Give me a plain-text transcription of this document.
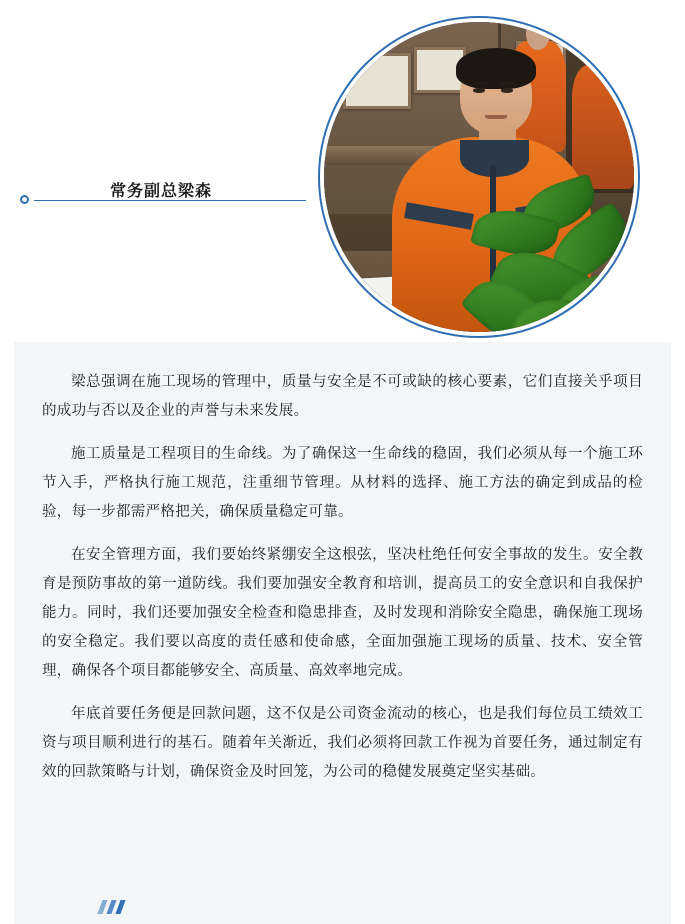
常务副总梁森

梁总强调在施工现场的管理中，质量与安全是不可或缺的核心要素，它们直接关乎项目的成功与否以及企业的声誉与未来发展。

施工质量是工程项目的生命线。为了确保这一生命线的稳固，我们必须从每一个施工环节入手，严格执行施工规范，注重细节管理。从材料的选择、施工方法的确定到成品的检验，每一步都需严格把关，确保质量稳定可靠。

在安全管理方面，我们要始终紧绷安全这根弦，坚决杜绝任何安全事故的发生。安全教育是预防事故的第一道防线。我们要加强安全教育和培训，提高员工的安全意识和自我保护能力。同时，我们还要加强安全检查和隐患排查，及时发现和消除安全隐患，确保施工现场的安全稳定。我们要以高度的责任感和使命感，全面加强施工现场的质量、技术、安全管理，确保各个项目都能够安全、高质量、高效率地完成。

年底首要任务便是回款问题，这不仅是公司资金流动的核心，也是我们每位员工绩效工资与项目顺利进行的基石。随着年关渐近，我们必须将回款工作视为首要任务，通过制定有效的回款策略与计划，确保资金及时回笼，为公司的稳健发展奠定坚实基础。
